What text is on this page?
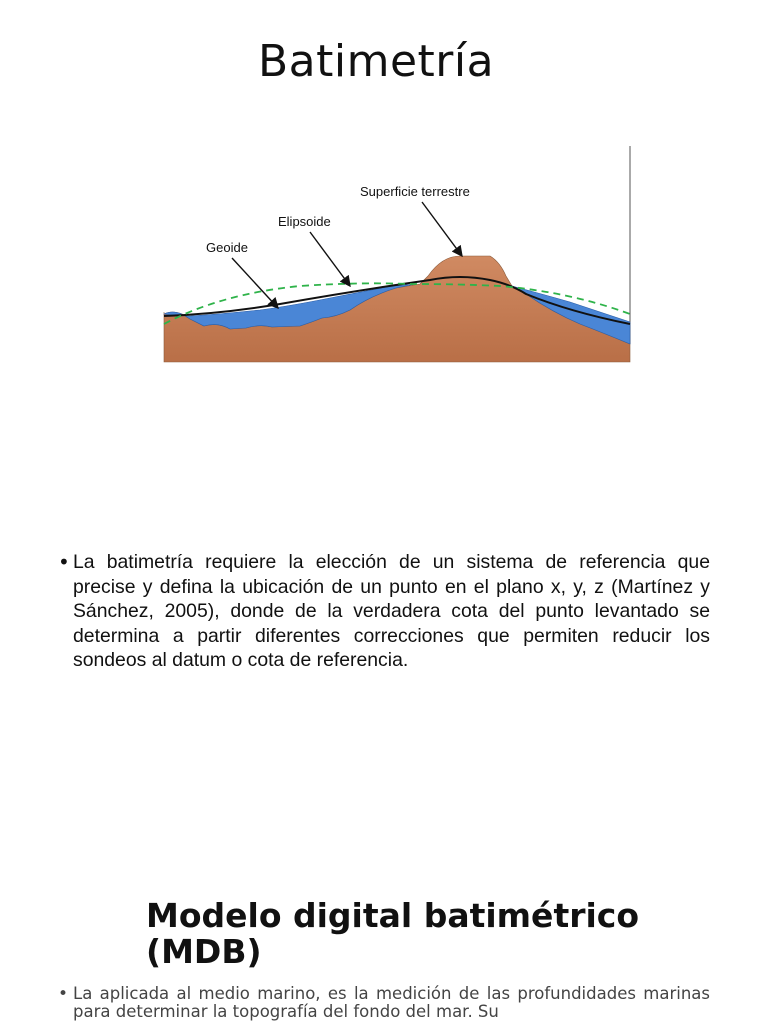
Batimetría
Superficie terrestre
Elipsoide
Geoide
• La batimetría requiere la elección de un sistema de referencia que precise y defina la ubicación de un punto en el plano x, y, z (Martínez y Sánchez, 2005), donde de la verdadera cota del punto levantado se determina a partir diferentes correcciones que permiten reducir los sondeos al datum o cota de referencia.
Modelo digital batimétrico (MDB)
• La aplicada al medio marino, es la medición de las profundidades marinas para determinar la topografía del fondo del mar. Su
